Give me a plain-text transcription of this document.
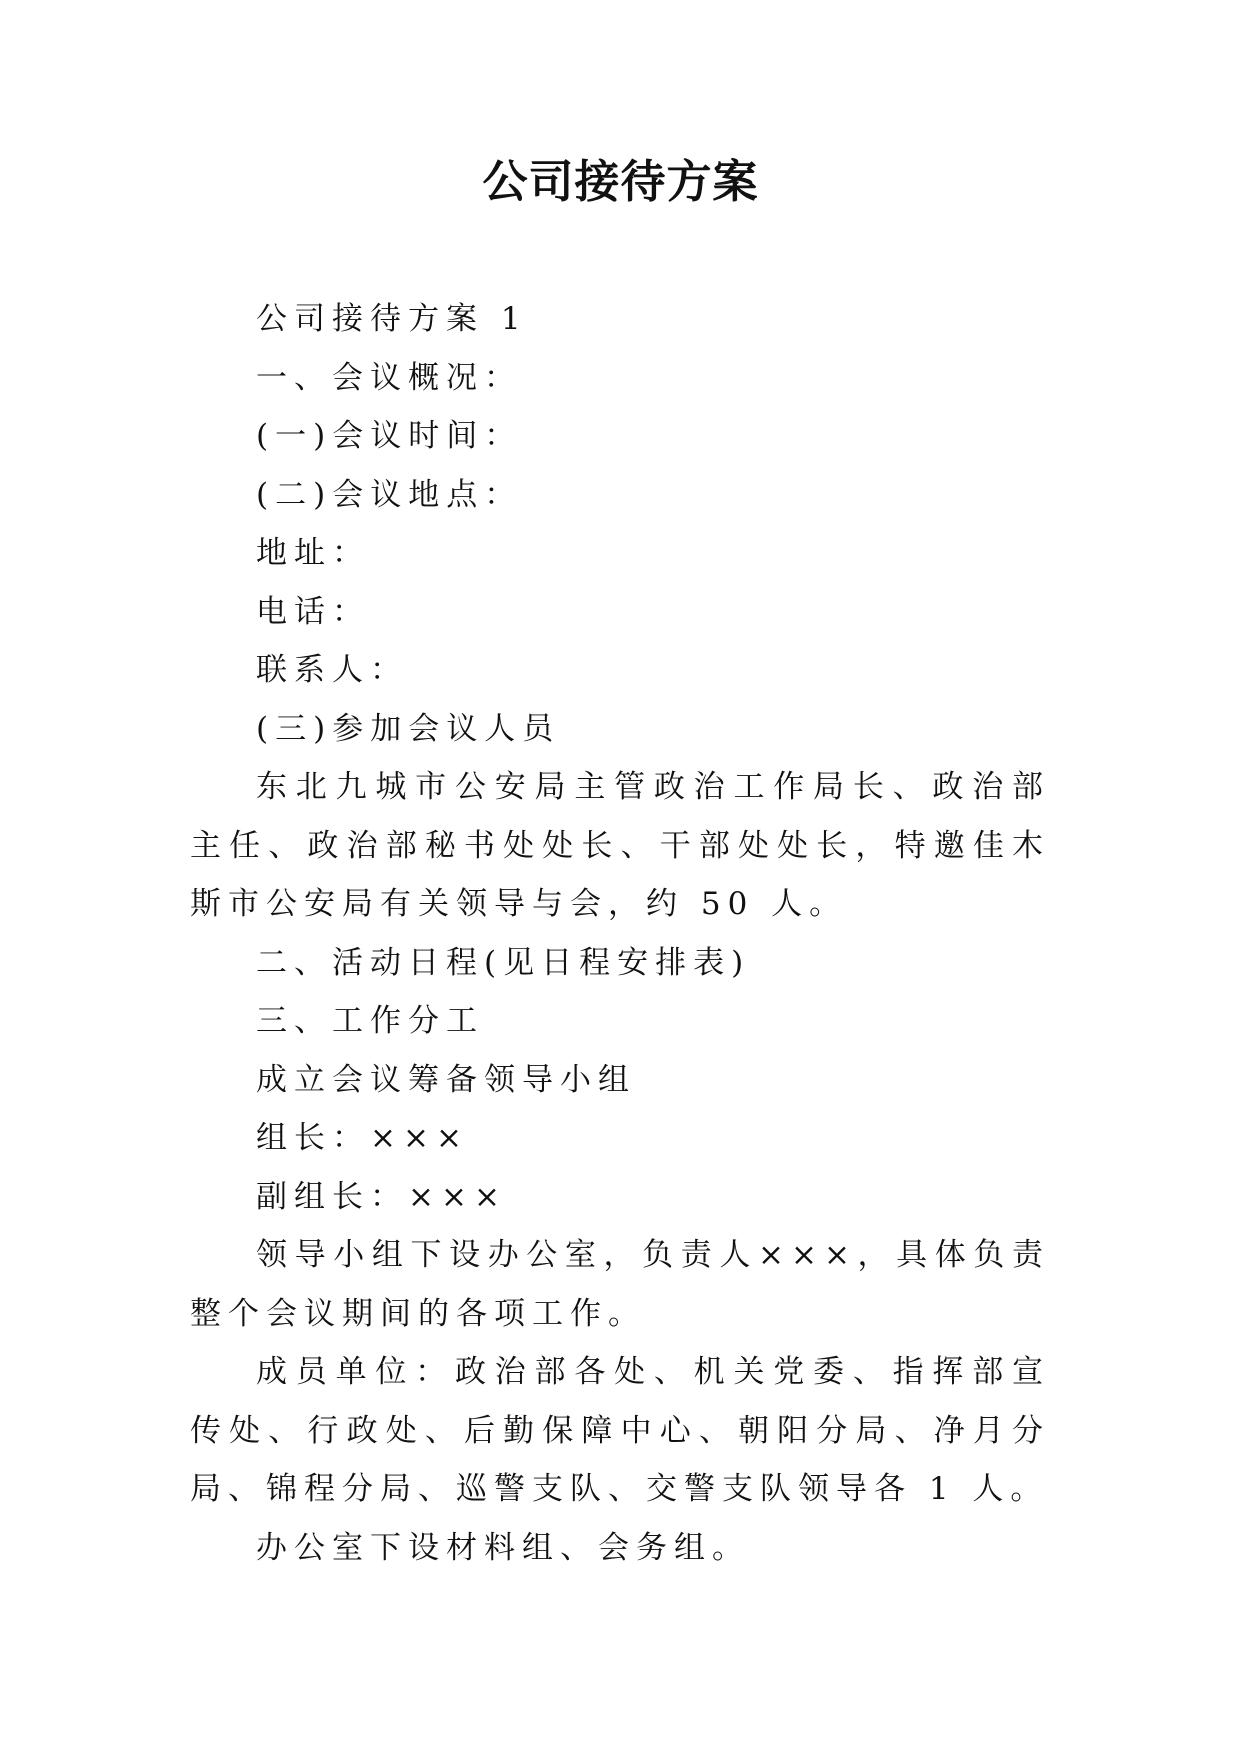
公司接待方案

公司接待方案 1

一、会议概况：

(一)会议时间：

(二)会议地点：

地址：

电话：

联系人：

(三)参加会议人员

东北九城市公安局主管政治工作局长、政治部主任、政治部秘书处处长、干部处处长，特邀佳木斯市公安局有关领导与会，约 50 人。

二、活动日程(见日程安排表)

三、工作分工

成立会议筹备领导小组

组长：×××

副组长：×××

领导小组下设办公室，负责人×××，具体负责整个会议期间的各项工作。

成员单位：政治部各处、机关党委、指挥部宣传处、行政处、后勤保障中心、朝阳分局、净月分局、锦程分局、巡警支队、交警支队领导各 1 人。

办公室下设材料组、会务组。
